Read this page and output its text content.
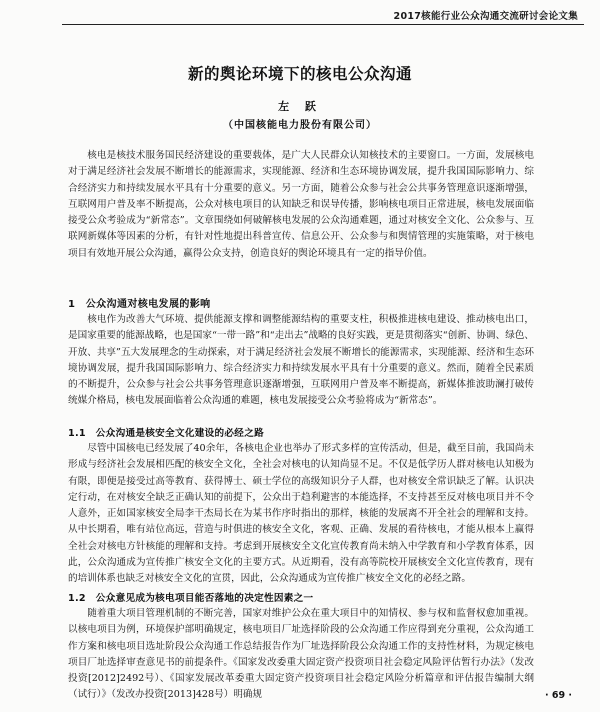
2017核能行业公众沟通交流研讨会论文集
新的舆论环境下的核电公众沟通
左 跃
（中国核能电力股份有限公司）

核电是核技术服务国民经济建设的重要载体，是广大人民群众认知核技术的主要窗口。一方面，发展核电对于满足经济社会发展不断增长的能源需求，实现能源、经济和生态环境协调发展，提升我国国际影响力、综合经济实力和持续发展水平具有十分重要的意义。另一方面，随着公众参与社会公共事务管理意识逐渐增强，互联网用户普及率不断提高，公众对核电项目的认知缺乏和误导传播，影响核电项目正常进展，核电发展面临接受公众考验成为“新常态”。文章围绕如何破解核电发展的公众沟通难题，通过对核安全文化、公众参与、互联网新媒体等因素的分析，有针对性地提出科普宣传、信息公开、公众参与和舆情管理的实施策略，对于核电项目有效地开展公众沟通，赢得公众支持，创造良好的舆论环境具有一定的指导价值。

1　公众沟通对核电发展的影响

核电作为改善大气环境、提供能源支撑和调整能源结构的重要支柱，积极推进核电建设、推动核电出口，是国家重要的能源战略，也是国家“一带一路”和“走出去”战略的良好实践，更是贯彻落实“创新、协调、绿色、开放、共享”五大发展理念的生动探索，对于满足经济社会发展不断增长的能源需求，实现能源、经济和生态环境协调发展，提升我国国际影响力、综合经济实力和持续发展水平具有十分重要的意义。然而，随着全民素质的不断提升，公众参与社会公共事务管理意识逐渐增强，互联网用户普及率不断提高，新媒体推波助澜打破传统媒介格局，核电发展面临着公众沟通的难题，核电发展接受公众考验将成为“新常态”。

1.1　公众沟通是核安全文化建设的必经之路

尽管中国核电已经发展了40余年，各核电企业也举办了形式多样的宣传活动，但是，截至目前，我国尚未形成与经济社会发展相匹配的核安全文化，全社会对核电的认知尚显不足。不仅是低学历人群对核电认知极为有限，即便是接受过高等教育、获得博士、硕士学位的高级知识分子人群，也对核安全常识缺乏了解。认识决定行动，在对核安全缺乏正确认知的前提下，公众出于趋利避害的本能选择，不支持甚至反对核电项目并不令人意外，正如国家核安全局李干杰局长在为某书作序时指出的那样，核能的发展离不开全社会的理解和支持。从中长期看，唯有站位高远，营造与时俱进的核安全文化，客观、正确、发展的看待核电，才能从根本上赢得全社会对核电方针核能的理解和支持。考虑到开展核安全文化宣传教育尚未纳入中学教育和小学教育体系，因此，公众沟通成为宣传推广核安全文化的主要方式。从近期看，没有高等院校开展核安全文化宣传教育，现有的培训体系也缺乏对核安全文化的宣贯，因此，公众沟通成为宣传推广核安全文化的必经之路。

1.2　公众意见成为核电项目能否落地的决定性因素之一

随着重大项目管理机制的不断完善，国家对维护公众在重大项目中的知情权、参与权和监督权愈加重视。以核电项目为例，环境保护部明确规定，核电项目厂址选择阶段的公众沟通工作应得到充分重视，公众沟通工作方案和核电项目选址阶段公众沟通工作总结报告作为厂址选择阶段公众沟通工作的支持性材料，为规定核电项目厂址选择审查意见书的前提条件。《国家发改委重大固定资产投资项目社会稳定风险评估暂行办法》（发改投资[2012]2492号）、《国家发展改革委重大固定资产投资项目社会稳定风险分析篇章和评估报告编制大纲（试行）》（发改办投资[2013]428号）明确规	· 69 ·
